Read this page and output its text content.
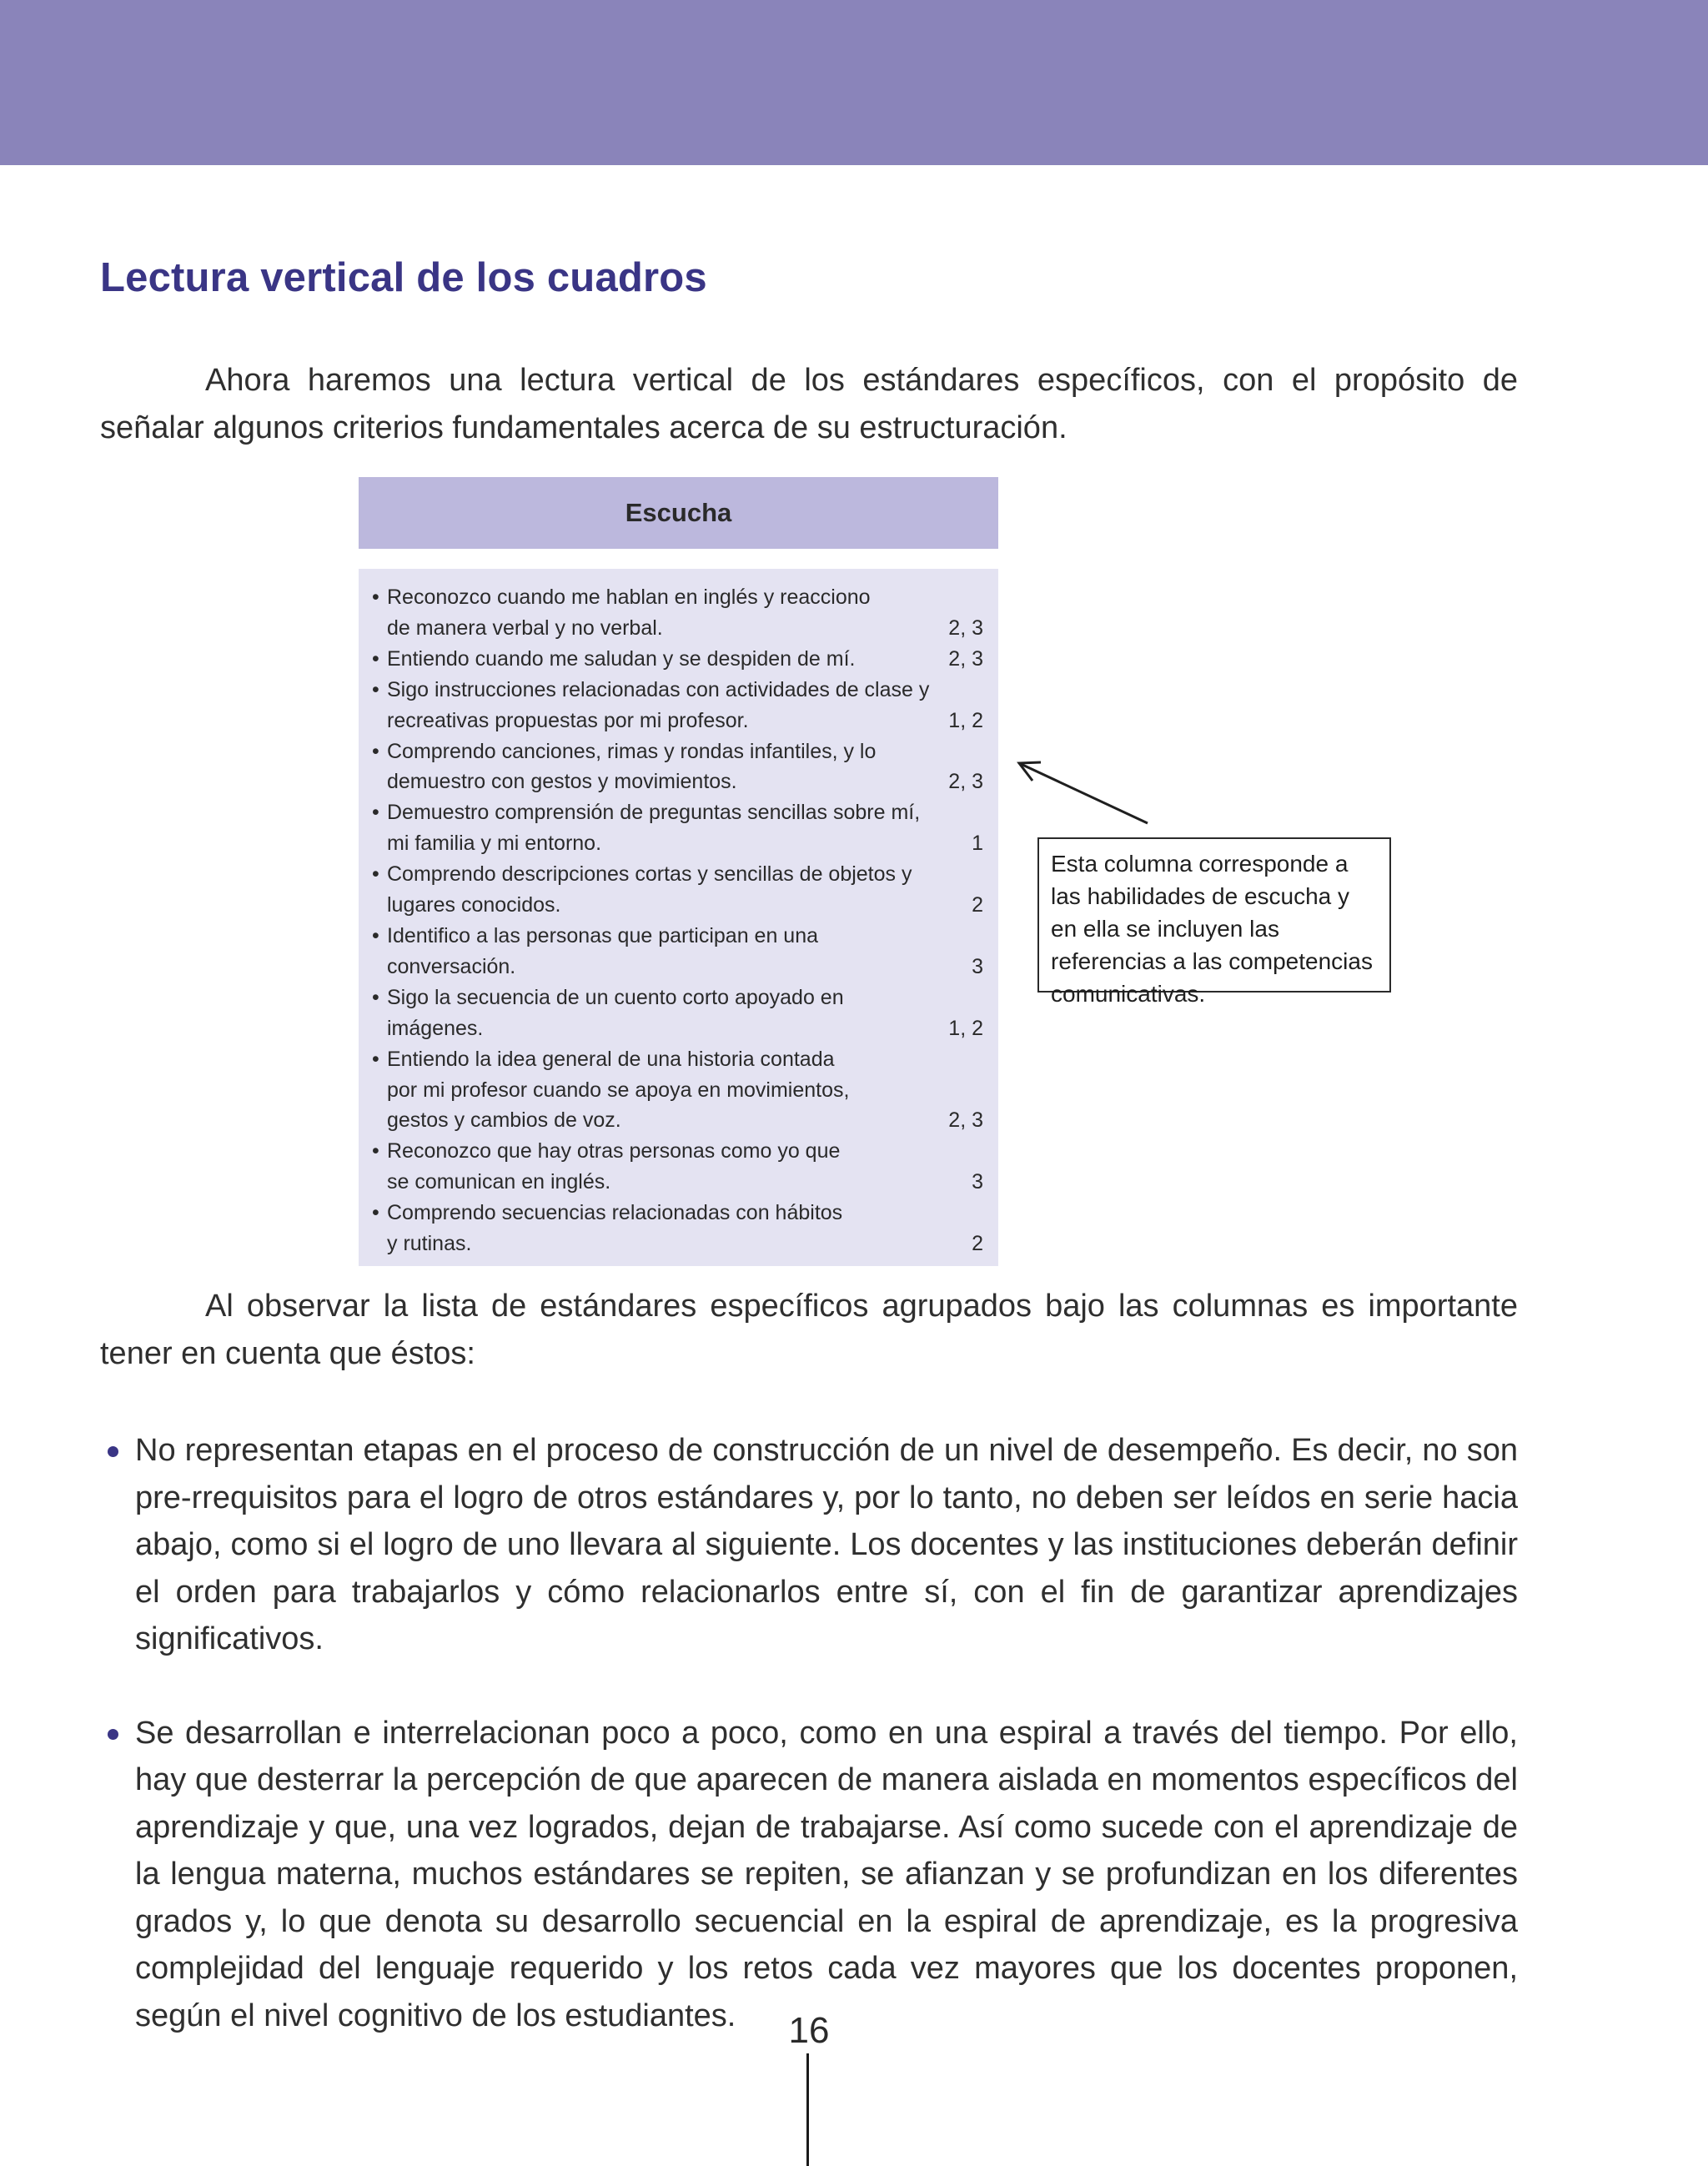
Lectura vertical de los cuadros

Ahora haremos una lectura vertical de los estándares específicos, con el propósito de señalar algunos criterios fundamentales acerca de su estructuración.

Escucha
• Reconozco cuando me hablan en inglés y reacciono
de manera verbal y no verbal.	2, 3
• Entiendo cuando me saludan y se despiden de mí.	2, 3
• Sigo instrucciones relacionadas con actividades de clase y
recreativas propuestas por mi profesor.	1, 2
• Comprendo canciones, rimas y rondas infantiles, y lo
demuestro con gestos y movimientos.	2, 3
• Demuestro comprensión de preguntas sencillas sobre mí,
mi familia y mi entorno.	1
• Comprendo descripciones cortas y sencillas de objetos y
lugares conocidos.	2
• Identifico a las personas que participan en una
conversación.	3
• Sigo la secuencia de un cuento corto apoyado en
imágenes.	1, 2
• Entiendo la idea general de una historia contada
por mi profesor cuando se apoya en movimientos,
gestos y cambios de voz.	2, 3
• Reconozco que hay otras personas como yo que
se comunican en inglés.	3
• Comprendo secuencias relacionadas con hábitos
y rutinas.	2
Esta columna corresponde a las habilidades de escucha y en ella se incluyen las referencias a las competencias comunicativas.

Al observar la lista de estándares específicos agrupados bajo las columnas es importante tener en cuenta que éstos:

No representan etapas en el proceso de construcción de un nivel de desempeño. Es decir, no son pre-rrequisitos para el logro de otros estándares y, por lo tanto, no deben ser leídos en serie hacia abajo, como si el logro de uno llevara al siguiente. Los docentes y las instituciones deberán definir el orden para trabajarlos y cómo relacionarlos entre sí, con el fin de garantizar aprendizajes significativos.
Se desarrollan e interrelacionan poco a poco, como en una espiral a través del tiempo. Por ello, hay que desterrar la percepción de que aparecen de manera aislada en momentos específicos del aprendizaje y que, una vez logrados, dejan de trabajarse. Así como sucede con el aprendizaje de la lengua materna, muchos estándares se repiten, se afianzan y se profundizan en los diferentes grados y, lo que denota su desarrollo secuencial en la espiral de aprendizaje, es la progresiva complejidad del lenguaje requerido y los retos cada vez mayores que los docentes proponen, según el nivel cognitivo de los estudiantes.	16
